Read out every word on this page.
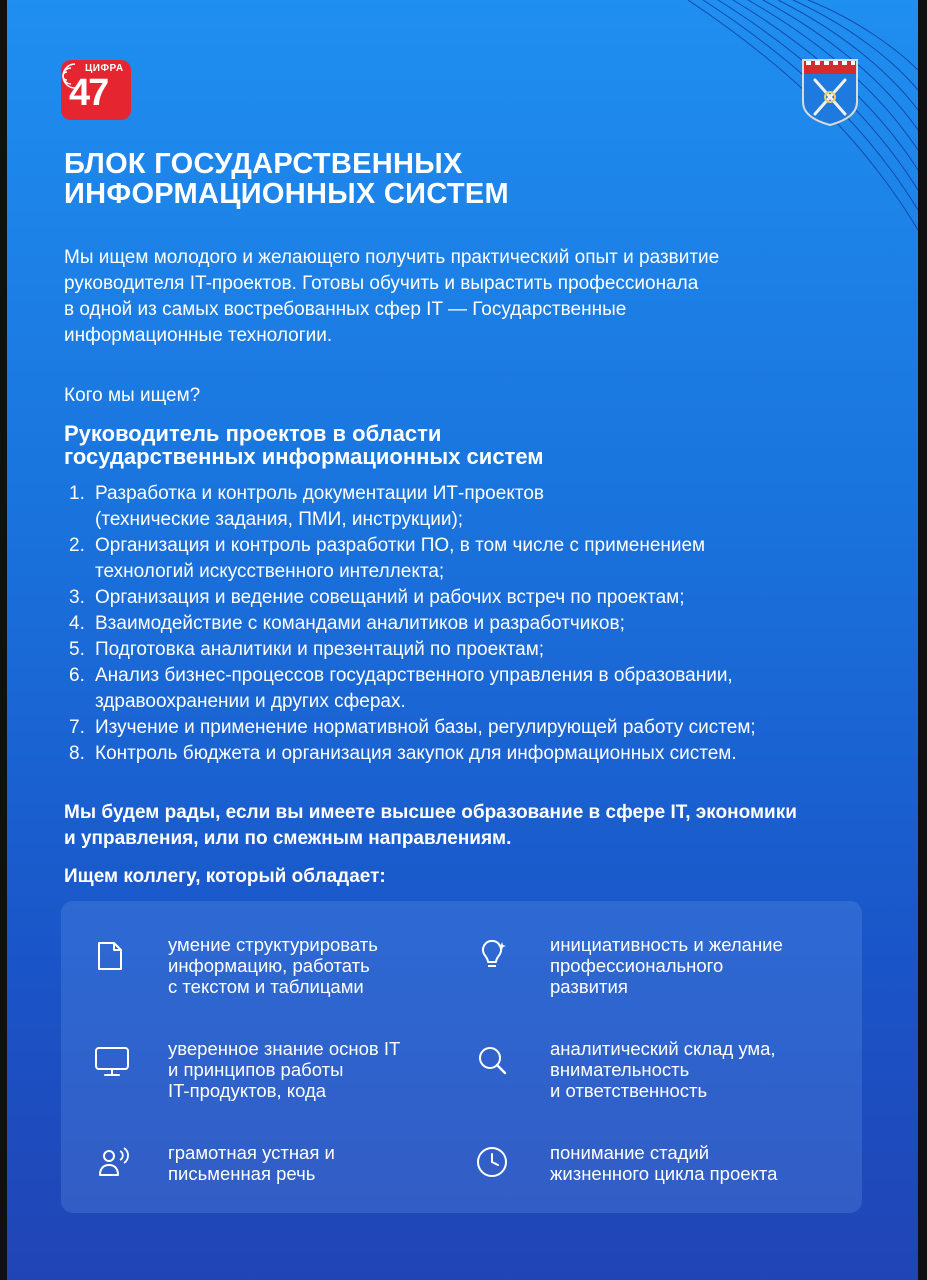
ЦИФРА
47
БЛОК ГОСУДАРСТВЕННЫХ
ИНФОРМАЦИОННЫХ СИСТЕМ

Мы ищем молодого и желающего получить практический опыт и развитие
руководителя IT-проектов. Готовы обучить и вырастить профессионала
в одной из самых востребованных сфер IT — Государственные
информационные технологии.

Кого мы ищем?

Руководитель проектов в области
государственных информационных систем
1. Разработка и контроль документации ИТ-проектов
(технические задания, ПМИ, инструкции);
2. Организация и контроль разработки ПО, в том числе с применением
технологий искусственного интеллекта;
3. Организация и ведение совещаний и рабочих встреч по проектам;
4. Взаимодействие с командами аналитиков и разработчиков;
5. Подготовка аналитики и презентаций по проектам;
6. Анализ бизнес-процессов государственного управления в образовании,
здравоохранении и других сферах.
7. Изучение и применение нормативной базы, регулирующей работу систем;
8. Контроль бюджета и организация закупок для информационных систем.

Мы будем рады, если вы имеете высшее образование в сфере IT, экономики
и управления, или по смежным направлениям.

Ищем коллегу, который обладает:

умение структурировать
информацию, работать
с текстом и таблицами
инициативность и желание
профессионального
развития
уверенное знание основ IT
и принципов работы
IT-продуктов, кода
аналитический склад ума,
внимательность
и ответственность
грамотная устная и
письменная речь
понимание стадий
жизненного цикла проекта
